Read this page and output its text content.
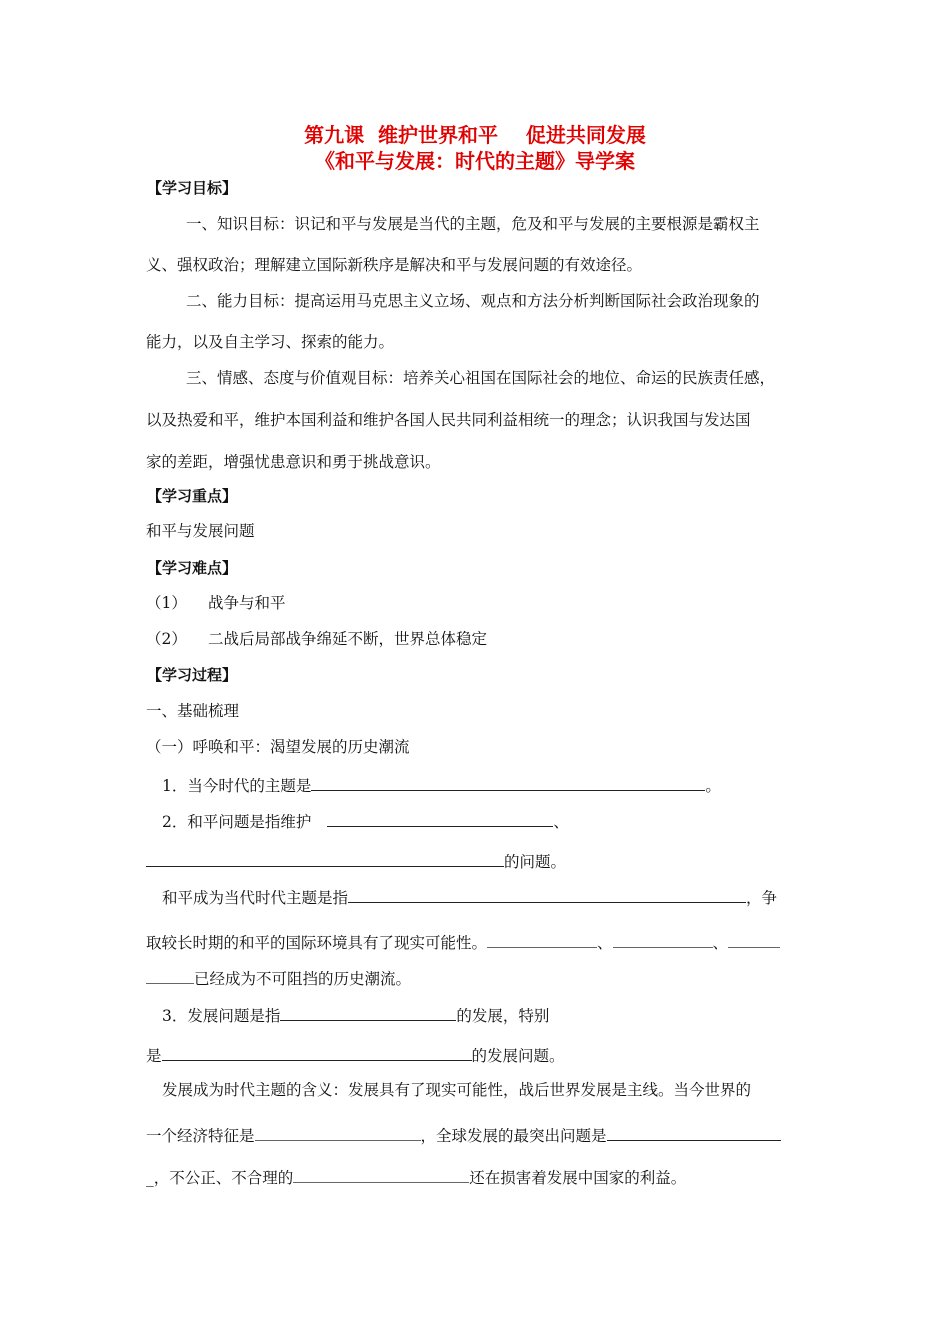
第九课  维护世界和平    促进共同发展
《和平与发展：时代的主题》导学案
【学习目标】
一、知识目标：识记和平与发展是当代的主题，危及和平与发展的主要根源是霸权主
义、强权政治；理解建立国际新秩序是解决和平与发展问题的有效途径。
二、能力目标：提高运用马克思主义立场、观点和方法分析判断国际社会政治现象的
能力，以及自主学习、探索的能力。
三、情感、态度与价值观目标：培养关心祖国在国际社会的地位、命运的民族责任感，
以及热爱和平，维护本国利益和维护各国人民共同利益相统一的理念；认识我国与发达国
家的差距，增强忧患意识和勇于挑战意识。
【学习重点】
和平与发展问题
【学习难点】
（1） 战争与和平
（2） 二战后局部战争绵延不断，世界总体稳定
【学习过程】
一、基础梳理
（一）呼唤和平：渴望发展的历史潮流
1．当今时代的主题是	。
2．和平问题是指维护	、
的问题。
和平成为当代时代主题是指	，争
取较长时期的和平的国际环境具有了现实可能性。	、	、
已经成为不可阻挡的历史潮流。
3．发展问题是指	的发展，特别
是	的发展问题。
发展成为时代主题的含义：发展具有了现实可能性，战后世界发展是主线。当今世界的
一个经济特征是	，全球发展的最突出问题是
_，不公正、不合理的	还在损害着发展中国家的利益。
